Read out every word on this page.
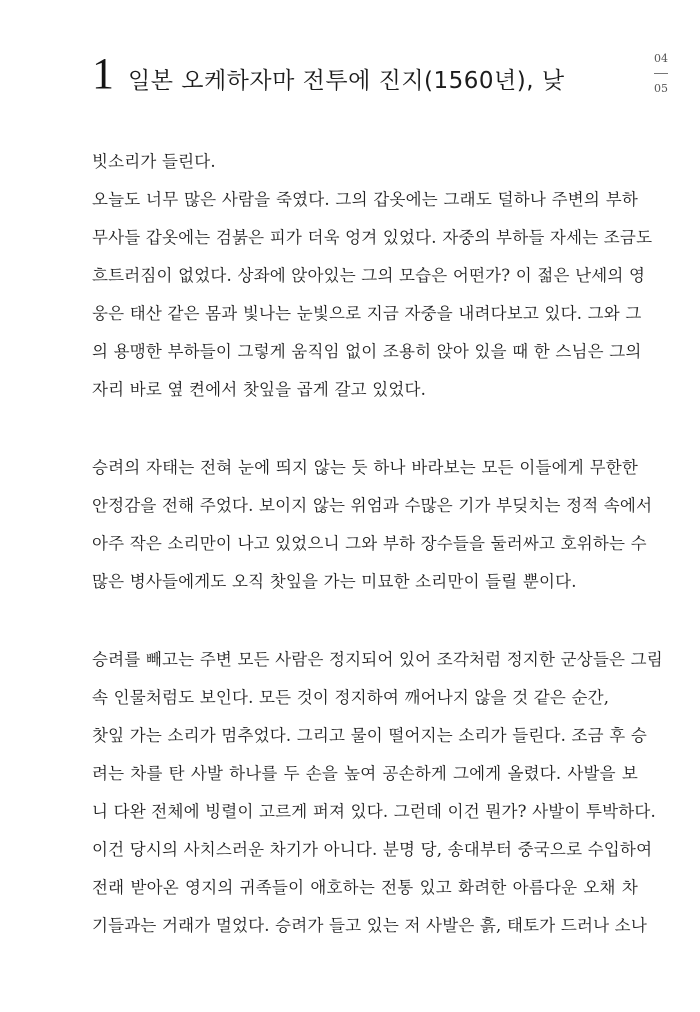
1 일본 오케하자마 전투에 진지(1560년), 낮
04
05
빗소리가 들린다.
오늘도 너무 많은 사람을 죽였다. 그의 갑옷에는 그래도 덜하나 주변의 부하
무사들 갑옷에는 검붉은 피가 더욱 엉겨 있었다. 자중의 부하들 자세는 조금도
흐트러짐이 없었다. 상좌에 앉아있는 그의 모습은 어떤가? 이 젊은 난세의 영
웅은 태산 같은 몸과 빛나는 눈빛으로 지금 자중을 내려다보고 있다. 그와 그
의 용맹한 부하들이 그렇게 움직임 없이 조용히 앉아 있을 때 한 스님은 그의
자리 바로 옆 켠에서 찻잎을 곱게 갈고 있었다.
승려의 자태는 전혀 눈에 띄지 않는 듯 하나 바라보는 모든 이들에게 무한한
안정감을 전해 주었다. 보이지 않는 위엄과 수많은 기가 부딪치는 정적 속에서
아주 작은 소리만이 나고 있었으니 그와 부하 장수들을 둘러싸고 호위하는 수
많은 병사들에게도 오직 찻잎을 가는 미묘한 소리만이 들릴 뿐이다.
승려를 빼고는 주변 모든 사람은 정지되어 있어 조각처럼 정지한 군상들은 그림
속 인물처럼도 보인다. 모든 것이 정지하여 깨어나지 않을 것 같은 순간,
찻잎 가는 소리가 멈추었다. 그리고 물이 떨어지는 소리가 들린다. 조금 후 승
려는 차를 탄 사발 하나를 두 손을 높여 공손하게 그에게 올렸다. 사발을 보
니 다완 전체에 빙렬이 고르게 퍼져 있다. 그런데 이건 뭔가? 사발이 투박하다.
이건 당시의 사치스러운 차기가 아니다. 분명 당, 송대부터 중국으로 수입하여
전래 받아온 영지의 귀족들이 애호하는 전통 있고 화려한 아름다운 오채 차
기들과는 거래가 멀었다. 승려가 들고 있는 저 사발은 흙, 태토가 드러나 소나
